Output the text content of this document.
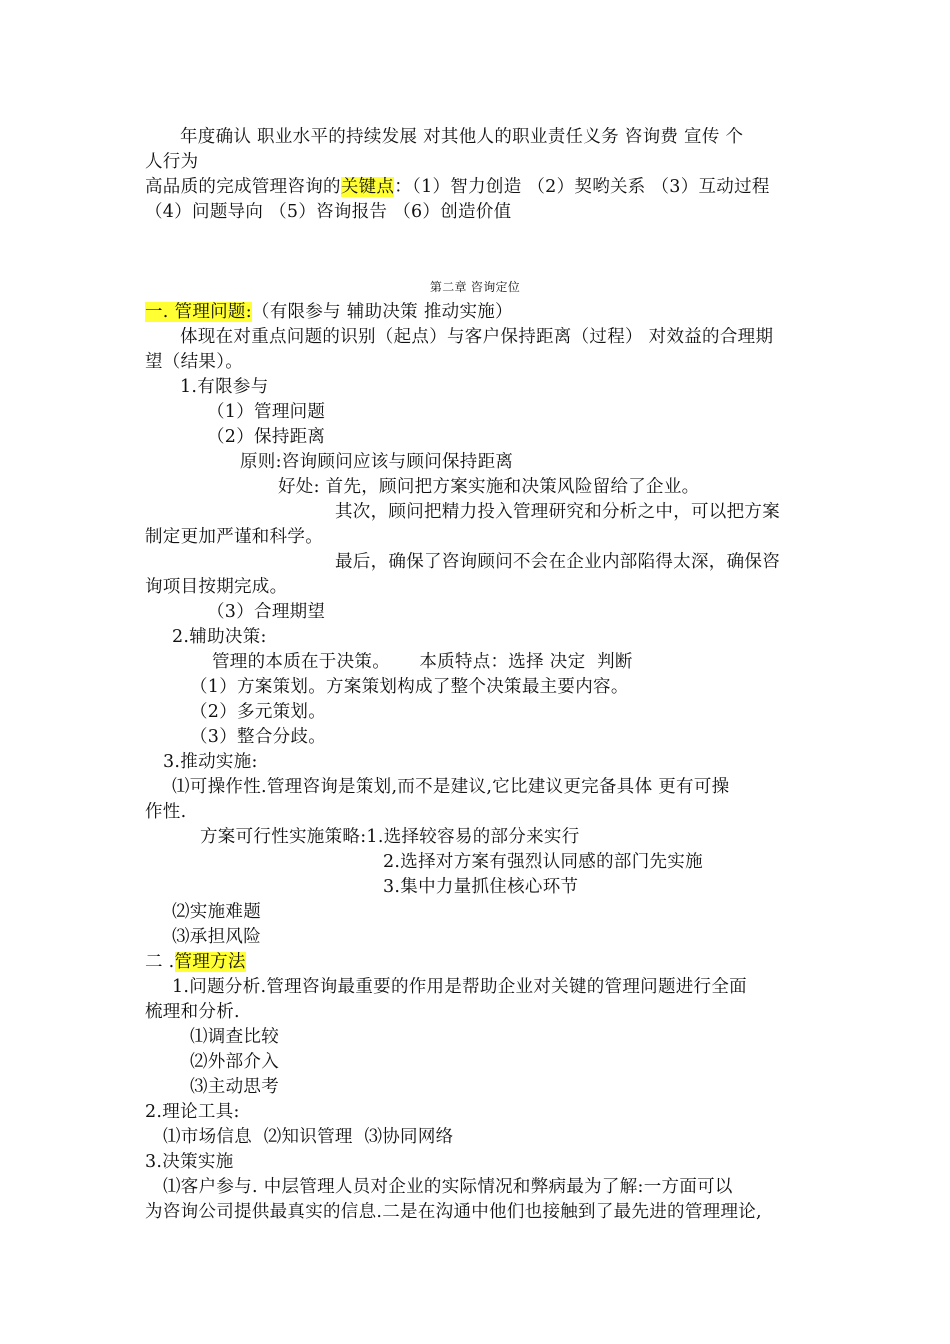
年度确认 职业水平的持续发展 对其他人的职业责任义务 咨询费 宣传 个
人行为
高品质的完成管理咨询的关键点：（1）智力创造 （2）契哟关系 （3）互动过程
（4）问题导向 （5）咨询报告 （6）创造价值
第二章 咨询定位
一. 管理问题:（有限参与 辅助决策 推动实施）
体现在对重点问题的识别（起点）与客户保持距离（过程） 对效益的合理期
望（结果）。
1.有限参与
（1）管理问题
（2）保持距离
原则:咨询顾问应该与顾问保持距离
好处: 首先，顾问把方案实施和决策风险留给了企业。
其次，顾问把精力投入管理研究和分析之中，可以把方案
制定更加严谨和科学。
最后，确保了咨询顾问不会在企业内部陷得太深，确保咨
询项目按期完成。
（3）合理期望
2.辅助决策:
管理的本质在于决策。     本质特点：选择 决定  判断
（1）方案策划。方案策划构成了整个决策最主要内容。
（2）多元策划。
（3）整合分歧。
3.推动实施:
⑴可操作性.管理咨询是策划,而不是建议,它比建议更完备具体 更有可操
作性.
方案可行性实施策略:1.选择较容易的部分来实行
2.选择对方案有强烈认同感的部门先实施
3.集中力量抓住核心环节
⑵实施难题
⑶承担风险
二 .管理方法
1.问题分析.管理咨询最重要的作用是帮助企业对关键的管理问题进行全面
梳理和分析.
⑴调查比较
⑵外部介入
⑶主动思考
2.理论工具:
⑴市场信息  ⑵知识管理  ⑶协同网络
3.决策实施
⑴客户参与. 中层管理人员对企业的实际情况和弊病最为了解:一方面可以
为咨询公司提供最真实的信息.二是在沟通中他们也接触到了最先进的管理理论,
